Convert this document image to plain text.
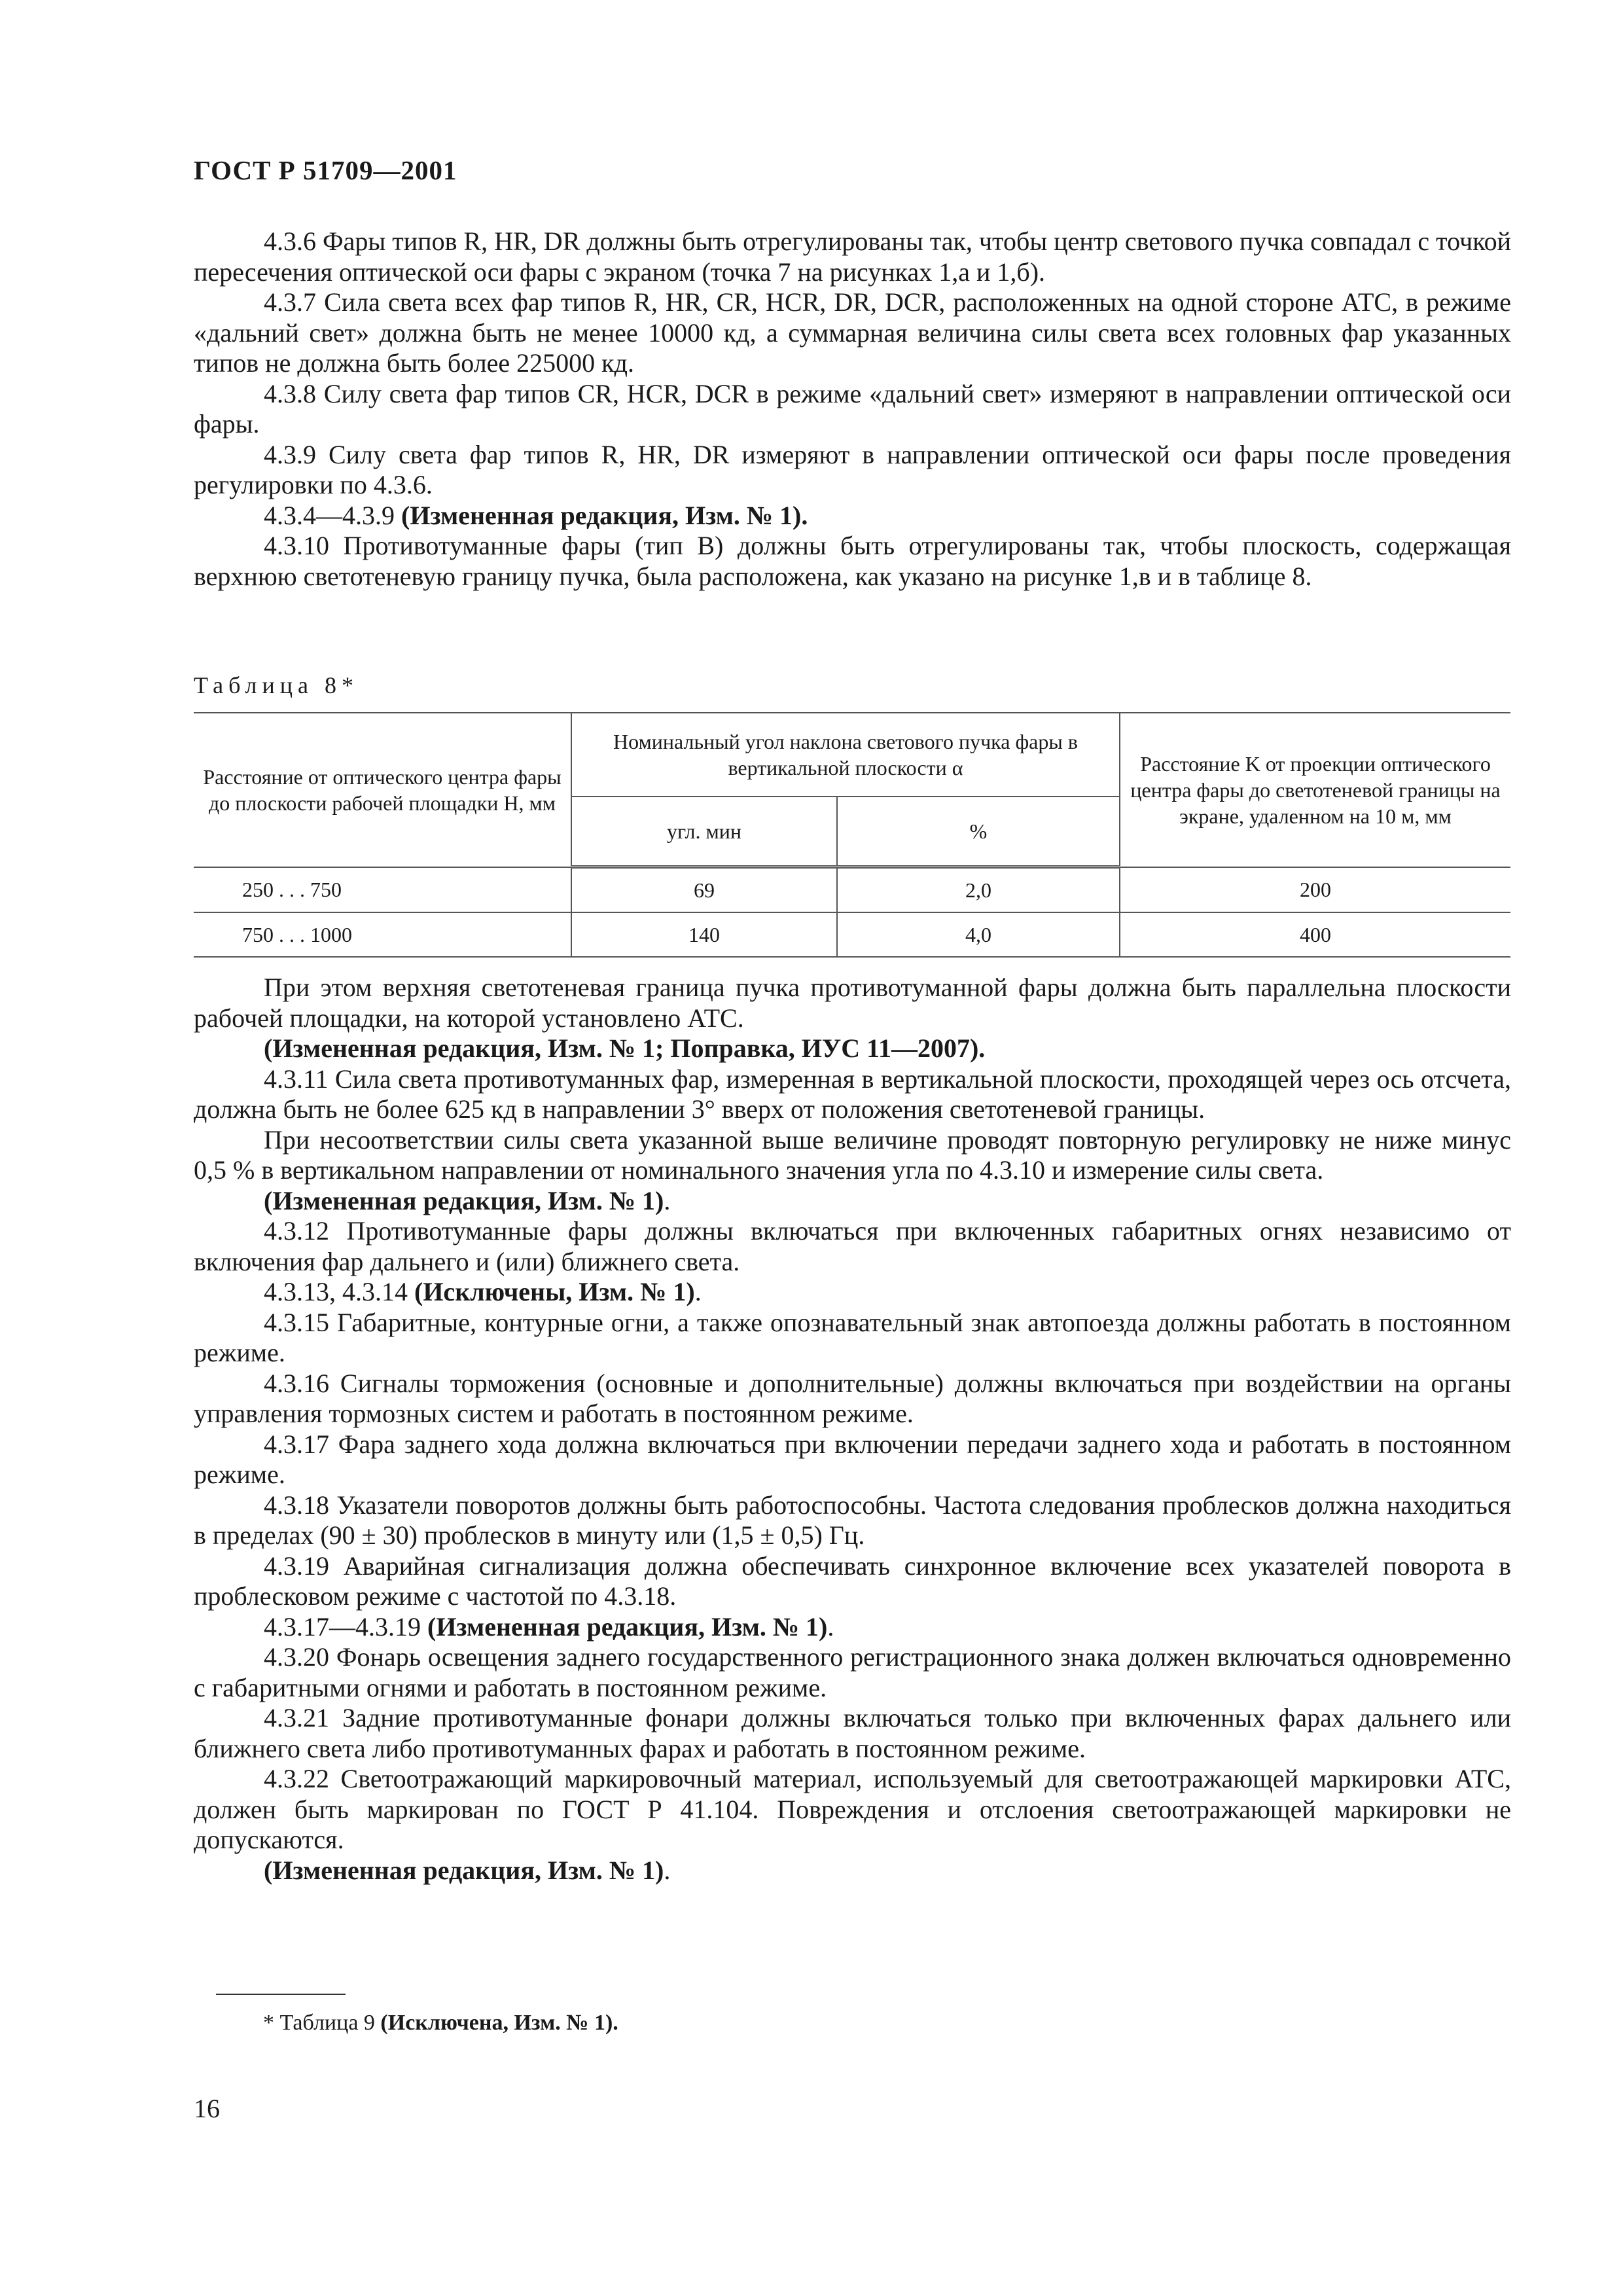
ГОСТ Р 51709—2001

4.3.6 Фары типов R, HR, DR должны быть отрегулированы так, чтобы центр светового пучка совпадал с точкой пересечения оптической оси фары с экраном (точка 7 на рисунках 1,а и 1,б).

4.3.7 Сила света всех фар типов R, HR, CR, HCR, DR, DCR, расположенных на одной стороне АТС, в режиме «дальний свет» должна быть не менее 10000 кд, а суммарная величина силы света всех головных фар указанных типов не должна быть более 225000 кд.

4.3.8 Силу света фар типов CR, HCR, DCR в режиме «дальний свет» измеряют в направлении оптической оси фары.

4.3.9 Силу света фар типов R, HR, DR измеряют в направлении оптической оси фары после проведения регулировки по 4.3.6.

4.3.4—4.3.9 (Измененная редакция, Изм. № 1).

4.3.10 Противотуманные фары (тип В) должны быть отрегулированы так, чтобы плоскость, содержащая верхнюю светотеневую границу пучка, была расположена, как указано на рисунке 1,в и в таблице 8.

Таблица 8*
Расстояние от оптического центра фары до плоскости рабочей площадки H, мм	Номинальный угол наклона светового пучка фары в вертикальной плоскости α		Расстояние K от проекции оптического центра фары до светотеневой границы на экране, удаленном на 10 м, мм
	угл. мин	%	
250 . . . 750	69	2,0	200
750 . . . 1000	140	4,0	400

При этом верхняя светотеневая граница пучка противотуманной фары должна быть параллельна плоскости рабочей площадки, на которой установлено АТС.

(Измененная редакция, Изм. № 1; Поправка, ИУС 11—2007).

4.3.11 Сила света противотуманных фар, измеренная в вертикальной плоскости, проходящей через ось отсчета, должна быть не более 625 кд в направлении 3° вверх от положения светотеневой границы.

При несоответствии силы света указанной выше величине проводят повторную регулировку не ниже минус 0,5 % в вертикальном направлении от номинального значения угла по 4.3.10 и измерение силы света.

(Измененная редакция, Изм. № 1).

4.3.12 Противотуманные фары должны включаться при включенных габаритных огнях независимо от включения фар дальнего и (или) ближнего света.

4.3.13, 4.3.14 (Исключены, Изм. № 1).

4.3.15 Габаритные, контурные огни, а также опознавательный знак автопоезда должны работать в постоянном режиме.

4.3.16 Сигналы торможения (основные и дополнительные) должны включаться при воздействии на органы управления тормозных систем и работать в постоянном режиме.

4.3.17 Фара заднего хода должна включаться при включении передачи заднего хода и работать в постоянном режиме.

4.3.18 Указатели поворотов должны быть работоспособны. Частота следования проблесков должна находиться в пределах (90 ± 30) проблесков в минуту или (1,5 ± 0,5) Гц.

4.3.19 Аварийная сигнализация должна обеспечивать синхронное включение всех указателей поворота в проблесковом режиме с частотой по 4.3.18.

4.3.17—4.3.19 (Измененная редакция, Изм. № 1).

4.3.20 Фонарь освещения заднего государственного регистрационного знака должен включаться одновременно с габаритными огнями и работать в постоянном режиме.

4.3.21 Задние противотуманные фонари должны включаться только при включенных фарах дальнего или ближнего света либо противотуманных фарах и работать в постоянном режиме.

4.3.22 Светоотражающий маркировочный материал, используемый для светоотражающей маркировки АТС, должен быть маркирован по ГОСТ Р 41.104. Повреждения и отслоения светоотражающей маркировки не допускаются.

(Измененная редакция, Изм. № 1).

* Таблица 9 (Исключена, Изм. № 1).
16
